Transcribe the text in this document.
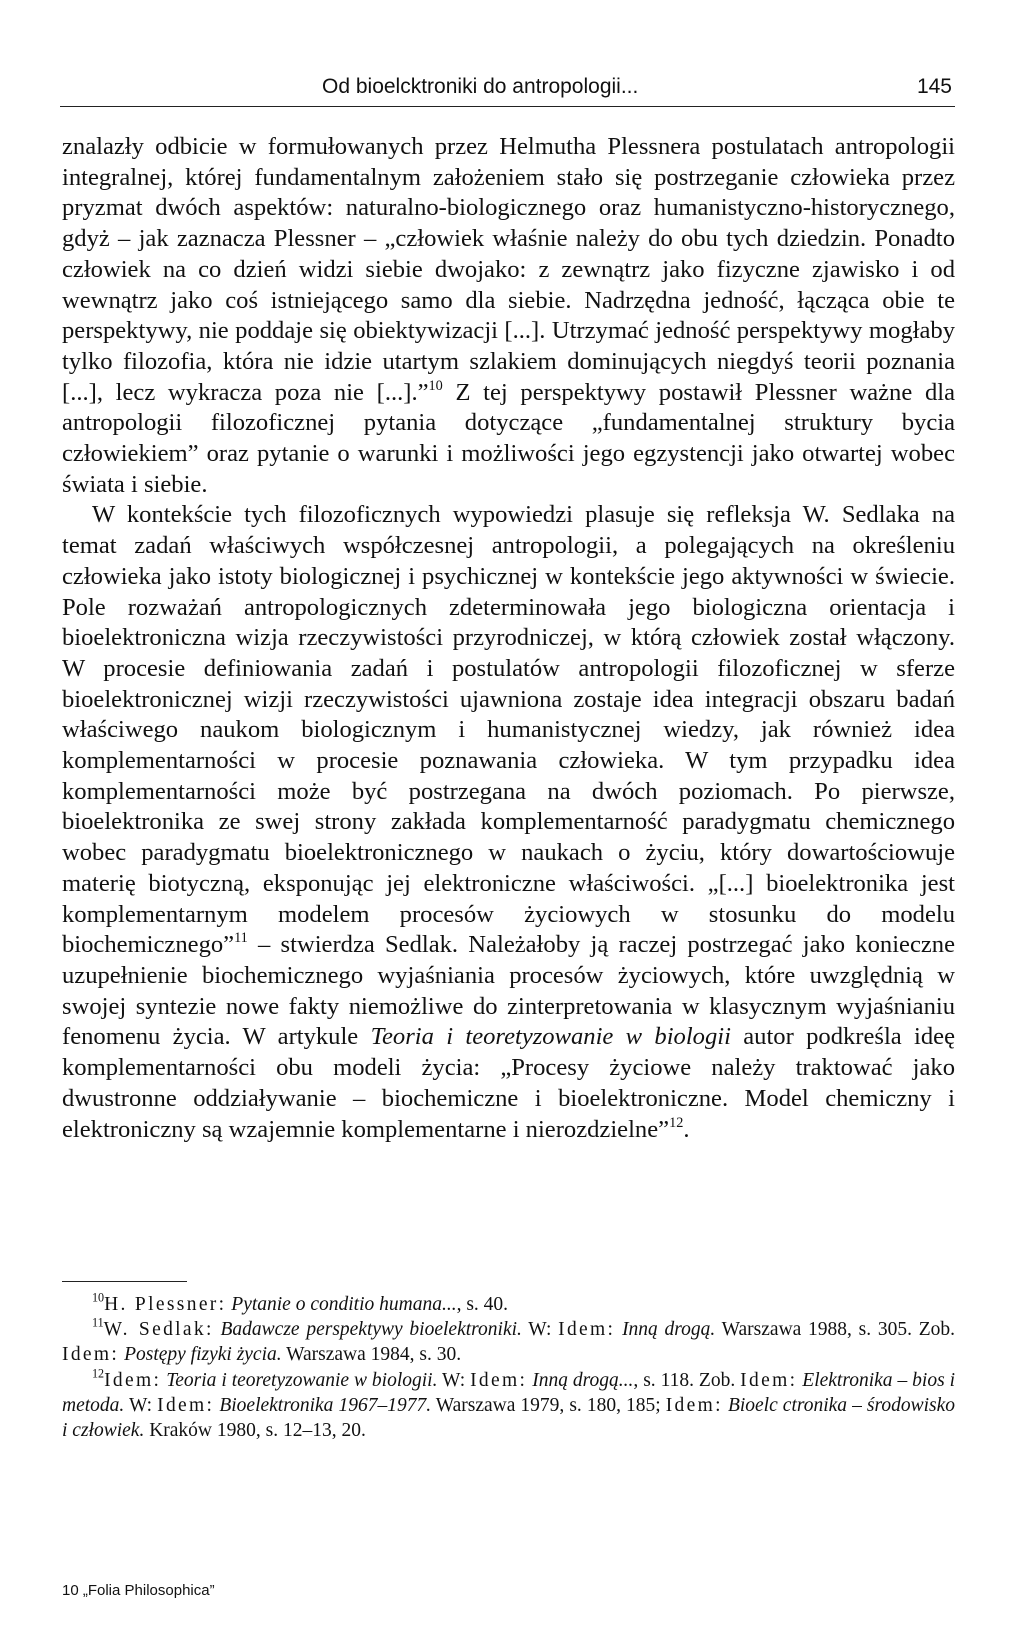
Od bioelcktroniki do antropologii...	145

znalazły odbicie w formułowanych przez Helmutha Plessnera postulatach antropologii integralnej, której fundamentalnym założeniem stało się postrzeganie człowieka przez pryzmat dwóch aspektów: naturalno-biologicznego oraz humanistyczno-historycznego, gdyż – jak zaznacza Plessner – „człowiek właśnie należy do obu tych dziedzin. Ponadto człowiek na co dzień widzi siebie dwojako: z zewnątrz jako fizyczne zjawisko i od wewnątrz jako coś istniejącego samo dla siebie. Nadrzędna jedność, łącząca obie te perspektywy, nie poddaje się obiektywizacji [...]. Utrzymać jedność perspektywy mogłaby tylko filozofia, która nie idzie utartym szlakiem dominujących niegdyś teorii poznania [...], lecz wykracza poza nie [...].”$^{10}$ Z tej perspektywy postawił Plessner ważne dla antropologii filozoficznej pytania dotyczące „fundamentalnej struktury bycia człowiekiem” oraz pytanie o warunki i możliwości jego egzystencji jako otwartej wobec świata i siebie.

W kontekście tych filozoficznych wypowiedzi plasuje się refleksja W. Sedlaka na temat zadań właściwych współczesnej antropologii, a polegających na określeniu człowieka jako istoty biologicznej i psychicznej w kontekście jego aktywności w świecie. Pole rozważań antropologicznych zdeterminowała jego biologiczna orientacja i bioelektroniczna wizja rzeczywistości przyrodniczej, w którą człowiek został włączony. W procesie definiowania zadań i postulatów antropologii filozoficznej w sferze bioelektronicznej wizji rzeczywistości ujawniona zostaje idea integracji obszaru badań właściwego naukom biologicznym i humanistycznej wiedzy, jak również idea komplementarności w procesie poznawania człowieka. W tym przypadku idea komplementarności może być postrzegana na dwóch poziomach. Po pierwsze, bioelektronika ze swej strony zakłada komplementarność paradygmatu chemicznego wobec paradygmatu bioelektronicznego w naukach o życiu, który dowartościowuje materię biotyczną, eksponując jej elektroniczne właściwości. „[...] bioelektronika jest komplementarnym modelem procesów życiowych w stosunku do modelu biochemicznego”$^{11}$ – stwierdza Sedlak. Należałoby ją raczej postrzegać jako konieczne uzupełnienie biochemicznego wyjaśniania procesów życiowych, które uwzględnią w swojej syntezie nowe fakty niemożliwe do zinterpretowania w klasycznym wyjaśnianiu fenomenu życia. W artykule Teoria i teoretyzowanie w biologii autor podkreśla ideę komplementarności obu modeli życia: „Procesy życiowe należy traktować jako dwustronne oddziaływanie – biochemiczne i bioelektroniczne. Model chemiczny i elektroniczny są wzajemnie komplementarne i nierozdzielne”$^{12}$.

$^{10}$H. Plessner: Pytanie o conditio humana..., s. 40.

$^{11}$W. Sedlak: Badawcze perspektywy bioelektroniki. W: Idem: Inną drogą. Warszawa 1988, s. 305. Zob. Idem: Postępy fizyki życia. Warszawa 1984, s. 30.

$^{12}$Idem: Teoria i teoretyzowanie w biologii. W: Idem: Inną drogą..., s. 118. Zob. Idem: Elektronika – bios i metoda. W: Idem: Bioelektronika 1967–1977. Warszawa 1979, s. 180, 185; Idem: Bioelc ctronika – środowisko i człowiek. Kraków 1980, s. 12–13, 20.

10 „Folia Philosophica”
